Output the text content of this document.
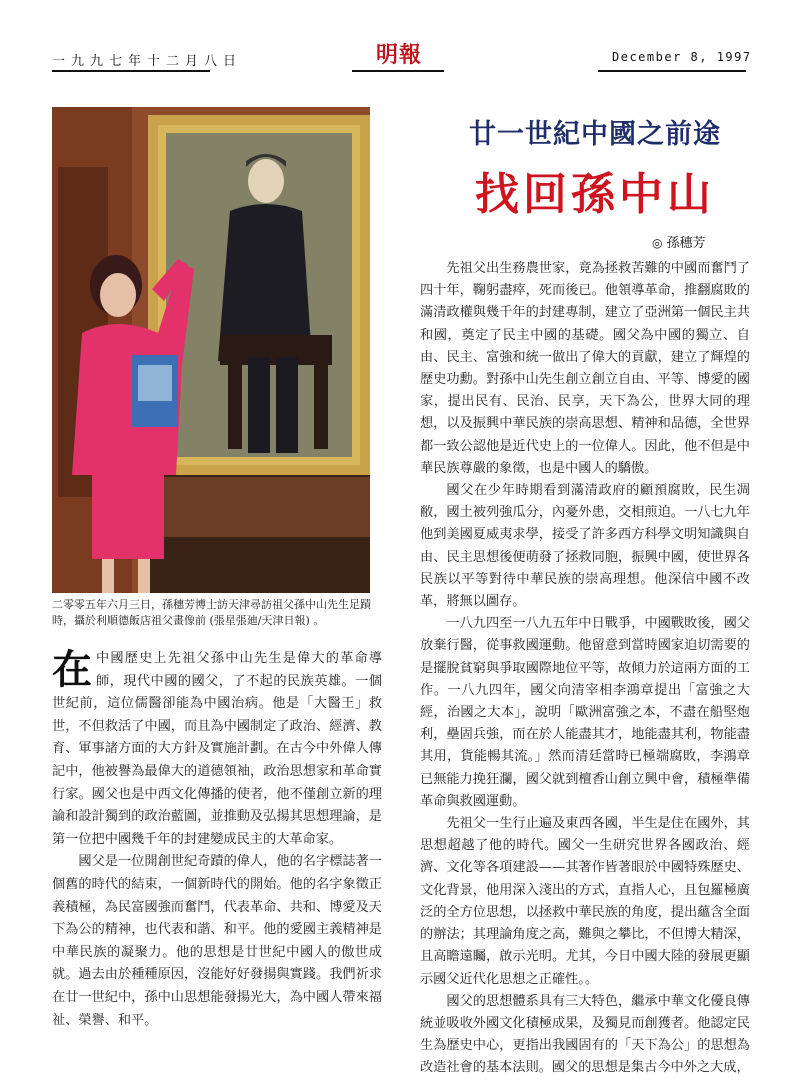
一九九七年十二月八日	明報	December 8, 1997
二零零五年六月三日，孫穗芳博士訪天津尋訪祖父孫中山先生足蹟時，攝於利順德飯店祖父畫像前 (張星張廸/天津日報) 。

在中國歷史上先祖父孫中山先生是偉大的革命導師，現代中國的國父，了不起的民族英雄。一個世紀前，這位儒醫卻能為中國治病。他是「大醫王」救世，不但救活了中國，而且為中國制定了政治、經濟、教育、軍事諸方面的大方針及實施計劃。在古今中外偉人傳記中，他被譽為最偉大的道德領袖，政治思想家和革命實行家。國父也是中西文化傳播的使者，他不僅創立新的理論和設計獨到的政治藍圖，並推動及弘揚其思想理論，是第一位把中國幾千年的封建變成民主的大革命家。

國父是一位開創世紀奇蹟的偉人，他的名字標誌著一個舊的時代的結束，一個新時代的開始。他的名字象徵正義積極，為民富國強而奮鬥，代表革命、共和、博愛及天下為公的精神，也代表和諧、和平。他的愛國主義精神是中華民族的凝聚力。他的思想是廿世紀中國人的傲世成就。過去由於種種原因，沒能好好發揚與實踐。我們祈求在廿一世紀中，孫中山思想能發揚光大，為中國人帶來福祉、榮譽、和平。

廿一世紀中國之前途
找回孫中山
◎ 孫穗芳

先祖父出生務農世家，竟為拯救苦難的中國而奮鬥了四十年，鞠躬盡瘁，死而後已。他領導革命，推翻腐敗的滿清政權與幾千年的封建專制，建立了亞洲第一個民主共和國，奠定了民主中國的基礎。國父為中國的獨立、自由、民主、富強和統一做出了偉大的貢獻，建立了輝煌的歷史功勳。對孫中山先生創立創立自由、平等、博愛的國家，提出民有、民治、民享，天下為公，世界大同的理想，以及振興中華民族的崇高思想、精神和品德，全世界都一致公認他是近代史上的一位偉人。因此，他不但是中華民族尊嚴的象徵，也是中國人的驕傲。

國父在少年時期看到滿清政府的顧預腐敗，民生凋敝，國土被列強瓜分，內憂外患，交相煎迫。一八七九年他到美國夏威夷求學，接受了許多西方科學文明知識與自由、民主思想後便萌發了拯救同胞，振興中國，使世界各民族以平等對待中華民族的崇高理想。他深信中國不改革，將無以圖存。

一八九四至一八九五年中日戰爭，中國戰敗後，國父放棄行醫，從事救國運動。他留意到當時國家迫切需要的是擺脫貧窮與爭取國際地位平等，故傾力於這兩方面的工作。一八九四年，國父向清宰相李鴻章提出「富強之大經，治國之大本」，說明「歐洲富強之本，不盡在船堅炮利，壘固兵強，而在於人能盡其才，地能盡其利，物能盡其用，貨能暢其流。」然而清廷當時已極端腐敗，李鴻章已無能力挽狂瀾，國父就到檀香山創立興中會，積極準備革命與救國運動。

先祖父一生行止遍及東西各國，半生是住在國外，其思想超越了他的時代。國父一生研究世界各國政治、經濟、文化等各項建設——其著作皆著眼於中國特殊歷史、文化背景，他用深入淺出的方式，直指人心，且包羅極廣泛的全方位思想，以拯救中華民族的角度，提出蘊含全面的辦法；其理論角度之高，難與之攀比，不但博大精深，且高瞻遠矚，啟示光明。尤其，今日中國大陸的發展更顯示國父近代化思想之正確性。。

國父的思想體系具有三大特色，繼承中華文化優良傳統並吸收外國文化積極成果，及獨見而創獲者。他認定民生為歷史中心，更指出我國固有的「天下為公」的思想為改造社會的基本法則。國父的思想是集古今中外之大成，
